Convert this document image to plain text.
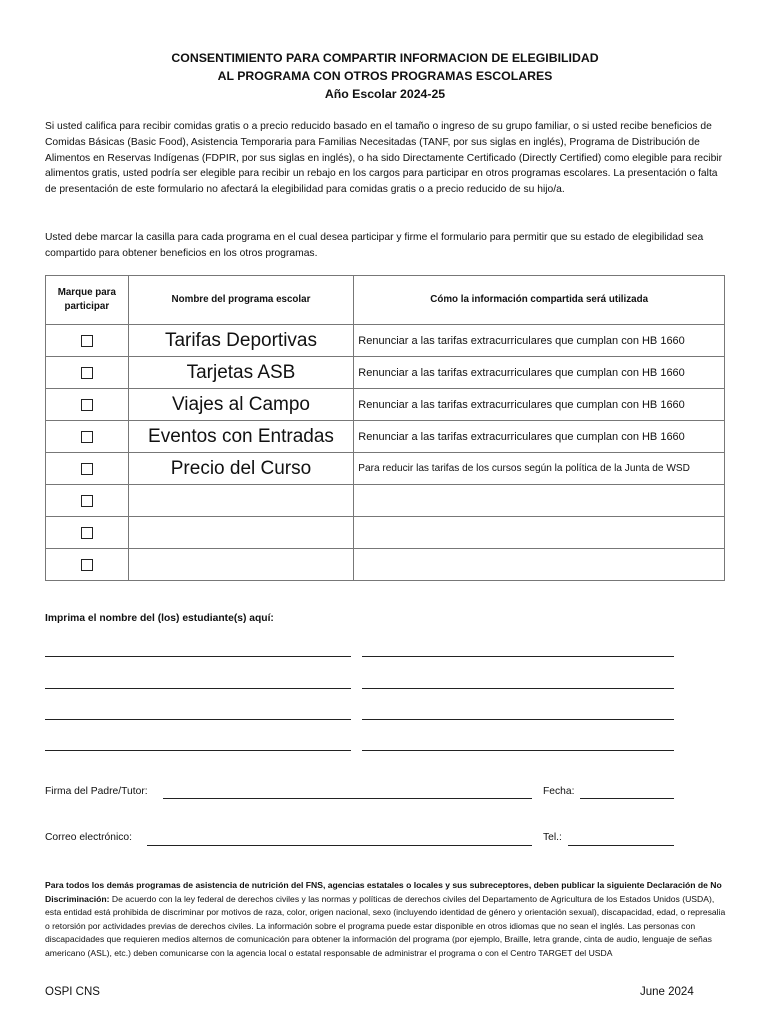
CONSENTIMIENTO PARA COMPARTIR INFORMACION DE ELEGIBILIDAD
AL PROGRAMA CON OTROS PROGRAMAS ESCOLARES
Año Escolar 2024-25
Si usted califica para recibir comidas gratis o a precio reducido basado en el tamaño o ingreso de su grupo familiar, o si usted recibe beneficios de Comidas Básicas (Basic Food), Asistencia Temporaria para Familias Necesitadas (TANF, por sus siglas en inglés), Programa de Distribución de Alimentos en Reservas Indígenas (FDPIR, por sus siglas en inglés), o ha sido Directamente Certificado (Directly Certified) como elegible para recibir alimentos gratis, usted podría ser elegible para recibir un rebajo en los cargos para participar en otros programas escolares. La presentación o falta de presentación de este formulario no afectará la elegibilidad para comidas gratis o a precio reducido de su hijo/a.
Usted debe marcar la casilla para cada programa en el cual desea participar y firme el formulario para permitir que su estado de elegibilidad sea compartido para obtener beneficios en los otros programas.
Marque para participar	Nombre del programa escolar	Cómo la información compartida será utilizada

	Tarifas Deportivas	Renunciar a las tarifas extracurriculares que cumplan con HB 1660

	Tarjetas ASB	Renunciar a las tarifas extracurriculares que cumplan con HB 1660

	Viajes al Campo	Renunciar a las tarifas extracurriculares que cumplan con HB 1660

	Eventos con Entradas	Renunciar a las tarifas extracurriculares que cumplan con HB 1660

	Precio del Curso	Para reducir las tarifas de los cursos según la política de la Junta de WSD

Imprima el nombre del (los) estudiante(s) aquí:
Firma del Padre/Tutor:	Fecha:
Correo electrónico:	Tel.:
Para todos los demás programas de asistencia de nutrición del FNS, agencias estatales o locales y sus subreceptores, deben publicar la siguiente Declaración de No Discriminación: De acuerdo con la ley federal de derechos civiles y las normas y políticas de derechos civiles del Departamento de Agricultura de los Estados Unidos (USDA), esta entidad está prohibida de discriminar por motivos de raza, color, origen nacional, sexo (incluyendo identidad de género y orientación sexual), discapacidad, edad, o represalia o retorsión por actividades previas de derechos civiles. La información sobre el programa puede estar disponible en otros idiomas que no sean el inglés. Las personas con discapacidades que requieren medios alternos de comunicación para obtener la información del programa (por ejemplo, Braille, letra grande, cinta de audio, lenguaje de señas americano (ASL), etc.) deben comunicarse con la agencia local o estatal responsable de administrar el programa o con el Centro TARGET del USDA
OSPI CNS	June 2024
